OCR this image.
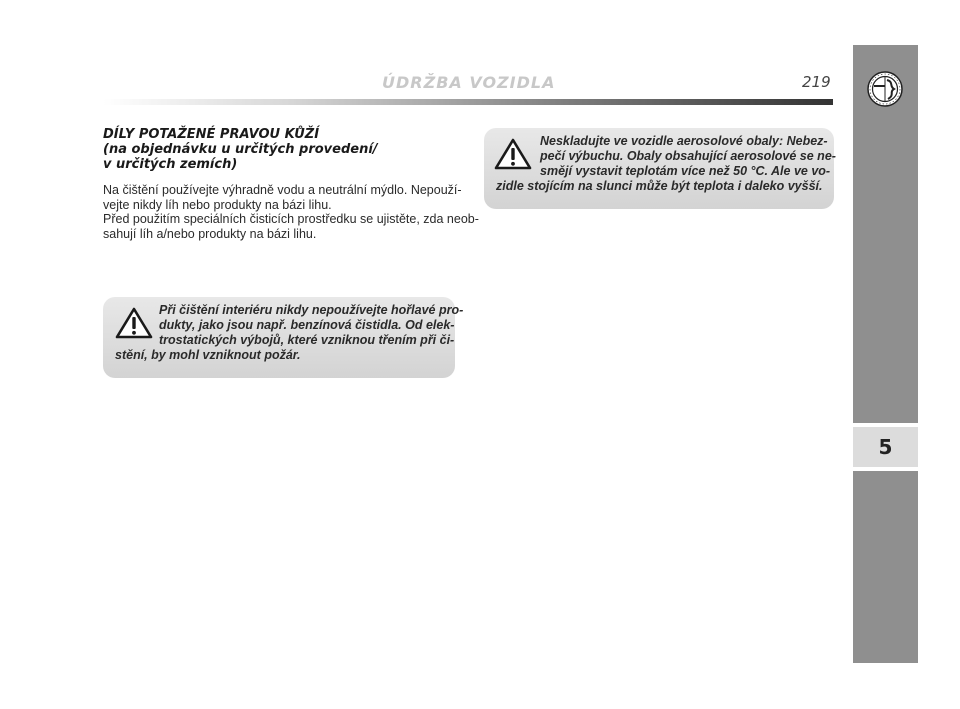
ÚDRŽBA VOZIDLA	219
5
DÍLY POTAŽENÉ PRAVOU KŮŽÍ
(na objednávku u určitých provedení/
v určitých zemích)
Na čištění používejte výhradně vodu a neutrální mýdlo. Nepouží-
vejte nikdy líh nebo produkty na bázi lihu.
Před použitím speciálních čisticích prostředku se ujistěte, zda neob-
sahují líh a/nebo produkty na bázi lihu.
Při čištění interiéru nikdy nepoužívejte hořlavé pro-
dukty, jako jsou např. benzínová čistidla. Od elek-
trostatických výbojů, které vzniknou třením při či-
stění, by mohl vzniknout požár.
Neskladujte ve vozidle aerosolové obaly: Nebez-
pečí výbuchu. Obaly obsahující aerosolové se ne-
smějí vystavit teplotám více než 50 °C. Ale ve vo-
zidle stojícím na slunci může být teplota i daleko vyšší.
